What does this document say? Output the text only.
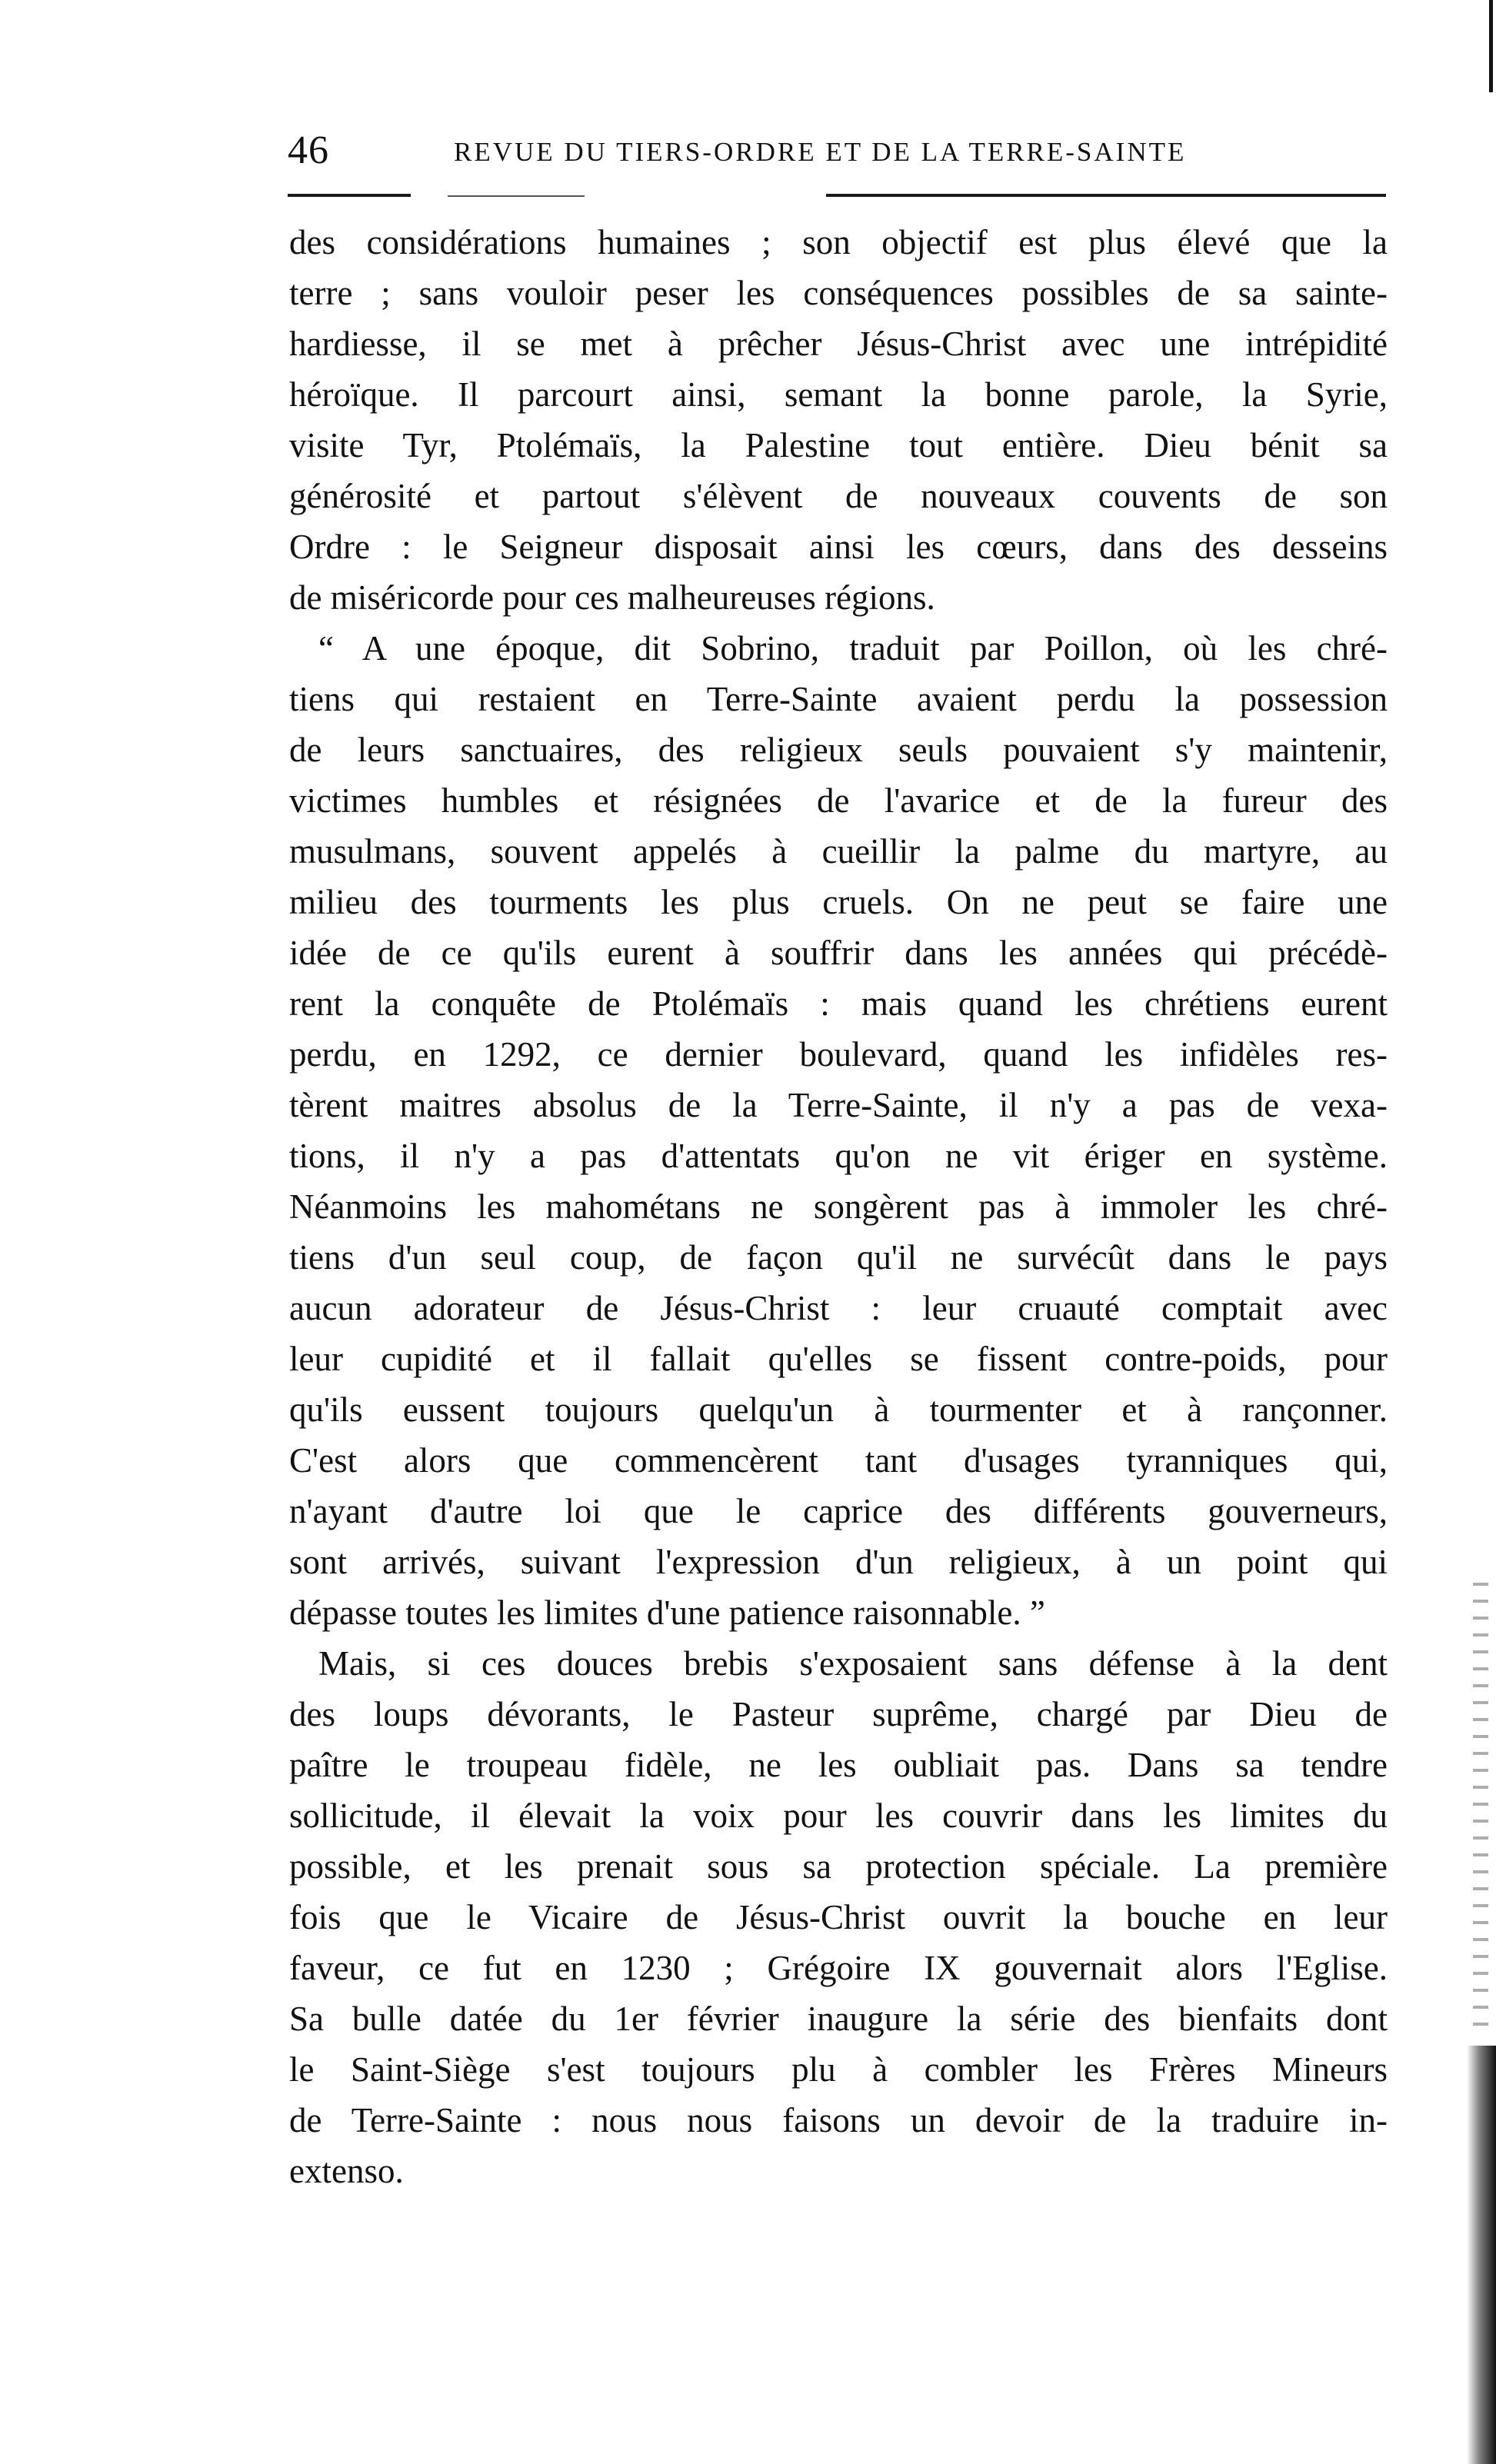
46	REVUE DU TIERS-ORDRE ET DE LA TERRE-SAINTE
des considérations humaines ; son objectif est plus élevé que la
terre ; sans vouloir peser les conséquences possibles de sa sainte-
hardiesse, il se met à prêcher Jésus-Christ avec une intrépidité
héroïque. Il parcourt ainsi, semant la bonne parole, la Syrie,
visite Tyr, Ptolémaïs, la Palestine tout entière. Dieu bénit sa
générosité et partout s'élèvent de nouveaux couvents de son
Ordre : le Seigneur disposait ainsi les cœurs, dans des desseins
de miséricorde pour ces malheureuses régions.
“ A une époque, dit Sobrino, traduit par Poillon, où les chré-
tiens qui restaient en Terre-Sainte avaient perdu la possession
de leurs sanctuaires, des religieux seuls pouvaient s'y maintenir,
victimes humbles et résignées de l'avarice et de la fureur des
musulmans, souvent appelés à cueillir la palme du martyre, au
milieu des tourments les plus cruels. On ne peut se faire une
idée de ce qu'ils eurent à souffrir dans les années qui précédè-
rent la conquête de Ptolémaïs : mais quand les chrétiens eurent
perdu, en 1292, ce dernier boulevard, quand les infidèles res-
tèrent maitres absolus de la Terre-Sainte, il n'y a pas de vexa-
tions, il n'y a pas d'attentats qu'on ne vit ériger en système.
Néanmoins les mahométans ne songèrent pas à immoler les chré-
tiens d'un seul coup, de façon qu'il ne survécût dans le pays
aucun adorateur de Jésus-Christ : leur cruauté comptait avec
leur cupidité et il fallait qu'elles se fissent contre-poids, pour
qu'ils eussent toujours quelqu'un à tourmenter et à rançonner.
C'est alors que commencèrent tant d'usages tyranniques qui,
n'ayant d'autre loi que le caprice des différents gouverneurs,
sont arrivés, suivant l'expression d'un religieux, à un point qui
dépasse toutes les limites d'une patience raisonnable. ”
Mais, si ces douces brebis s'exposaient sans défense à la dent
des loups dévorants, le Pasteur suprême, chargé par Dieu de
paître le troupeau fidèle, ne les oubliait pas. Dans sa tendre
sollicitude, il élevait la voix pour les couvrir dans les limites du
possible, et les prenait sous sa protection spéciale. La première
fois que le Vicaire de Jésus-Christ ouvrit la bouche en leur
faveur, ce fut en 1230 ; Grégoire IX gouvernait alors l'Eglise.
Sa bulle datée du 1er février inaugure la série des bienfaits dont
le Saint-Siège s'est toujours plu à combler les Frères Mineurs
de Terre-Sainte : nous nous faisons un devoir de la traduire in-
extenso.
